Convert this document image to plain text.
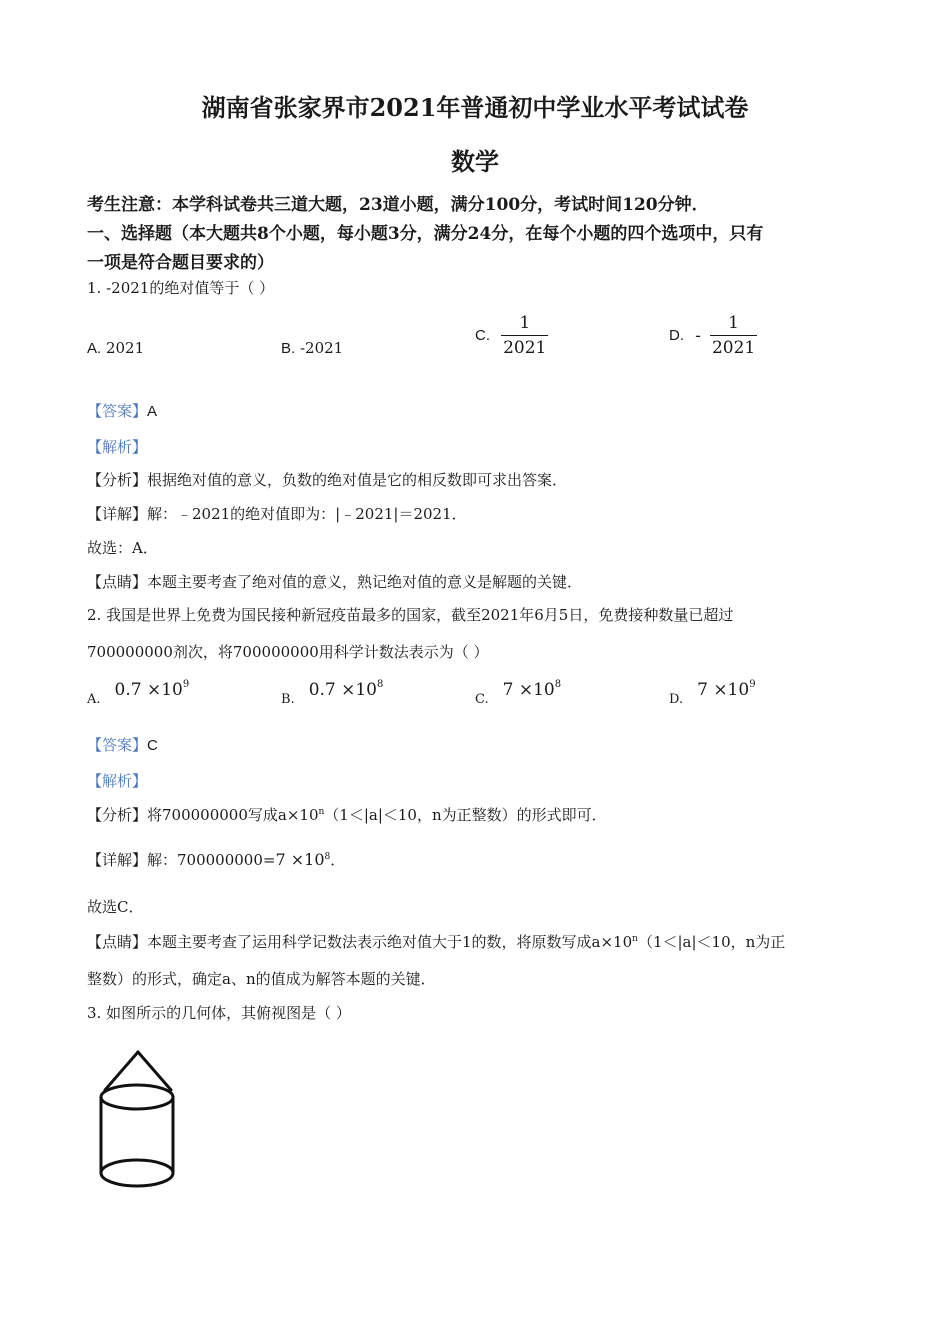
湖南省张家界市2021年普通初中学业水平考试试卷
数学
考生注意：本学科试卷共三道大题，23道小题，满分100分，考试时间120分钟．
一、选择题（本大题共8个小题，每小题3分，满分24分，在每个小题的四个选项中，只有
一项是符合题目要求的）
1. -2021的绝对值等于（ ）
A. 2021	B. -2021
C. $\frac{1}{2021}$	D. - $\frac{1}{2021}$
【答案】A
【解析】
【分析】根据绝对值的意义，负数的绝对值是它的相反数即可求出答案．
【详解】解：﹣2021的绝对值即为：|﹣2021|＝2021．
故选：A．
【点睛】本题主要考查了绝对值的意义，熟记绝对值的意义是解题的关键．
2. 我国是世界上免费为国民接种新冠疫苗最多的国家，截至2021年6月5日，免费接种数量已超过
700000000剂次，将700000000用科学计数法表示为（ ）
$_{A.}$ $0.7 \times 10^9$
$_{B.}$ $0.7 \times 10^8$
$_{C.}$ $7 \times 10^8$
$_{D.}$ $7 \times 10^9$
【答案】C
【解析】
【分析】将700000000写成$a\times 10^n(1<|a|<10$，n为正整数）的形式即可．
【详解】解：$700000000=7 \times 10^8$．
故选C．
【点睛】本题主要考查了运用科学记数法表示绝对值大于1的数，将原数写成$a\times 10^n(1<|a|<10$，n为正
整数）的形式，确定a、n的值成为解答本题的关键．
3. 如图所示的几何体，其俯视图是（ ）
